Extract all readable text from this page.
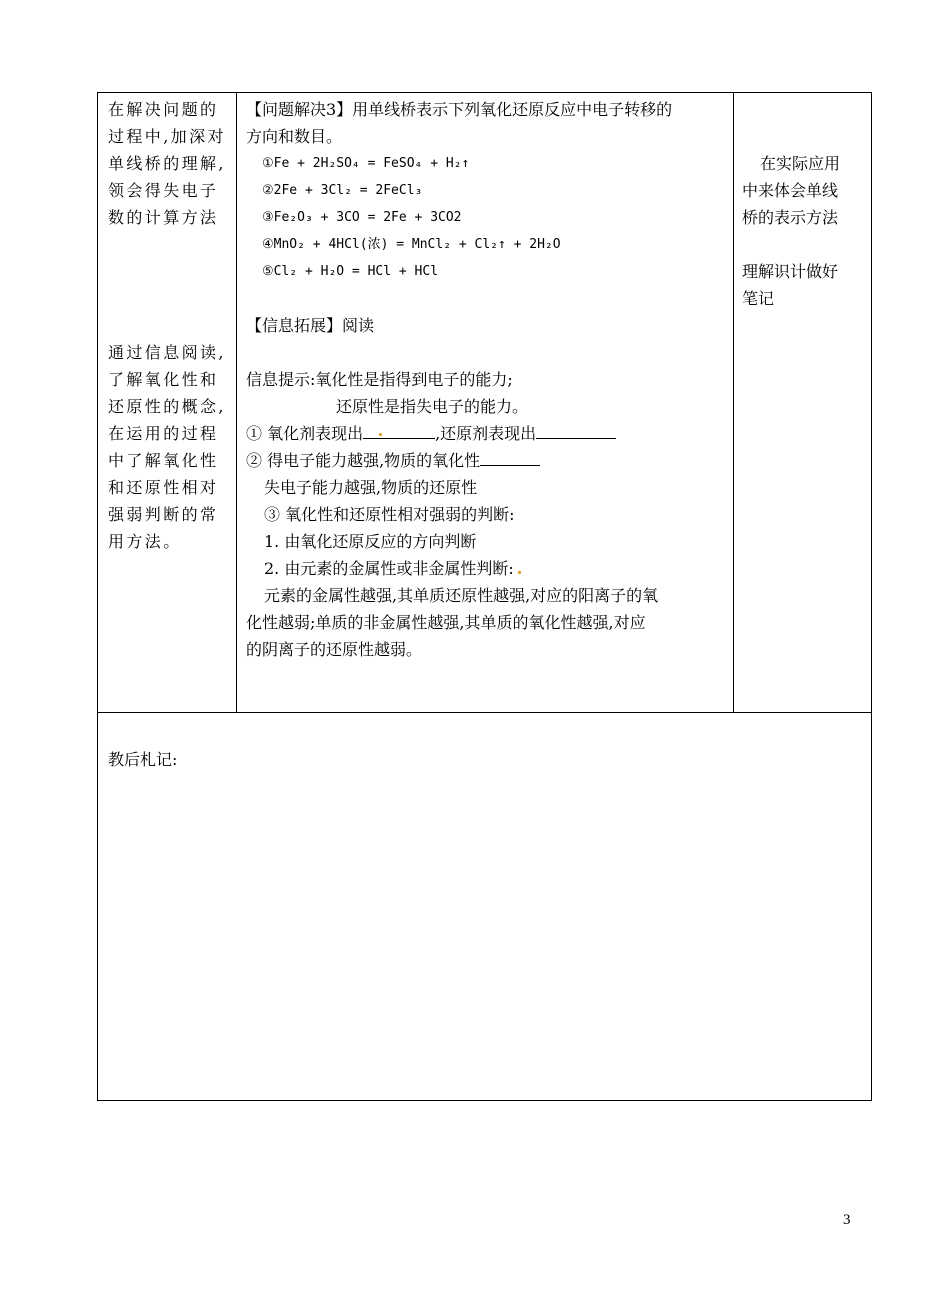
在解决问题的

过程中,加深对

单线桥的理解,

领会得失电子

数的计算方法

通过信息阅读,

了解氧化性和

还原性的概念,

在运用的过程

中了解氧化性

和还原性相对

强弱判断的常

用方法。

【问题解决3】用单线桥表示下列氧化还原反应中电子转移的
方向和数目。
①Fe + 2H₂SO₄ = FeSO₄ + H₂↑
②2Fe + 3Cl₂ = 2FeCl₃
③Fe₂O₃ + 3CO = 2Fe + 3CO2
④MnO₂ + 4HCl(浓) = MnCl₂ + Cl₂↑ + 2H₂O
⑤Cl₂ + H₂O = HCl + HCl
【信息拓展】阅读
信息提示:氧化性是指得到电子的能力;
还原性是指失电子的能力。
① 氧化剂表现出	,还原剂表现出
② 得电子能力越强,物质的氧化性
失电子能力越强,物质的还原性
③ 氧化性和还原性相对强弱的判断:
1. 由氧化还原反应的方向判断
2. 由元素的金属性或非金属性判断:
元素的金属性越强,其单质还原性越强,对应的阳离子的氧
化性越弱;单质的非金属性越强,其单质的氧化性越强,对应
的阴离子的还原性越弱。

在实际应用

中来体会单线

桥的表示方法

理解识计做好

笔记

教后札记:
3
